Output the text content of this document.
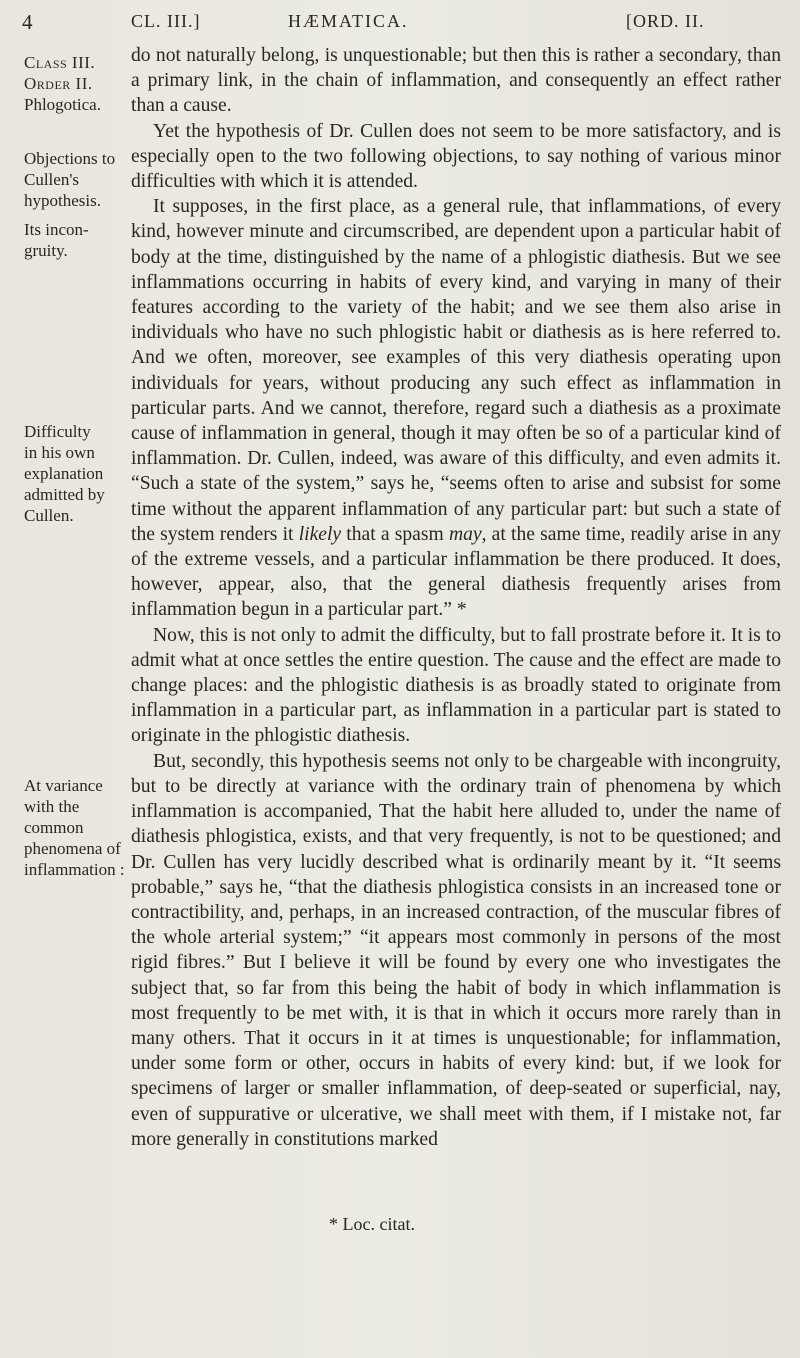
4	CL. III.]	HÆMATICA.	[ORD. II.
Class III.
Order II.
Phlogotica.
Objections to
Cullen's
hypothesis.
Its incon-
gruity.
Difficulty
in his own
explanation
admitted by
Cullen.
At variance
with the
common
phenomena of
inflammation :

do not naturally belong, is unquestionable; but then this is rather a secondary, than a primary link, in the chain of inflammation, and consequently an effect rather than a cause.

Yet the hypothesis of Dr. Cullen does not seem to be more satisfactory, and is especially open to the two following objections, to say nothing of various minor difficulties with which it is attended.

It supposes, in the first place, as a general rule, that inflammations, of every kind, however minute and circumscribed, are dependent upon a particular habit of body at the time, distinguished by the name of a phlogistic diathesis. But we see inflammations occurring in habits of every kind, and varying in many of their features according to the variety of the habit; and we see them also arise in individuals who have no such phlogistic habit or diathesis as is here referred to. And we often, moreover, see examples of this very diathesis operating upon individuals for years, without producing any such effect as inflammation in particular parts. And we cannot, therefore, regard such a diathesis as a proximate cause of inflammation in general, though it may often be so of a particular kind of inflammation. Dr. Cullen, indeed, was aware of this difficulty, and even admits it. “Such a state of the system,” says he, “seems often to arise and subsist for some time without the apparent inflammation of any particular part: but such a state of the system renders it likely that a spasm may, at the same time, readily arise in any of the extreme vessels, and a particular inflammation be there produced. It does, however, appear, also, that the general diathesis frequently arises from inflammation begun in a particular part.” *

Now, this is not only to admit the difficulty, but to fall prostrate before it. It is to admit what at once settles the entire question. The cause and the effect are made to change places: and the phlogistic diathesis is as broadly stated to originate from inflammation in a particular part, as inflammation in a particular part is stated to originate in the phlogistic diathesis.

But, secondly, this hypothesis seems not only to be chargeable with incongruity, but to be directly at variance with the ordinary train of phenomena by which inflammation is accompanied, That the habit here alluded to, under the name of diathesis phlogistica, exists, and that very frequently, is not to be questioned; and Dr. Cullen has very lucidly described what is ordinarily meant by it. “It seems probable,” says he, “that the diathesis phlogistica consists in an increased tone or contractibility, and, perhaps, in an increased contraction, of the muscular fibres of the whole arterial system;” “it appears most commonly in persons of the most rigid fibres.” But I believe it will be found by every one who investigates the subject that, so far from this being the habit of body in which inflammation is most frequently to be met with, it is that in which it occurs more rarely than in many others. That it occurs in it at times is unquestionable; for inflammation, under some form or other, occurs in habits of every kind: but, if we look for specimens of larger or smaller inflammation, of deep-seated or superficial, nay, even of suppurative or ulcerative, we shall meet with them, if I mistake not, far more generally in constitutions marked

* Loc. citat.
